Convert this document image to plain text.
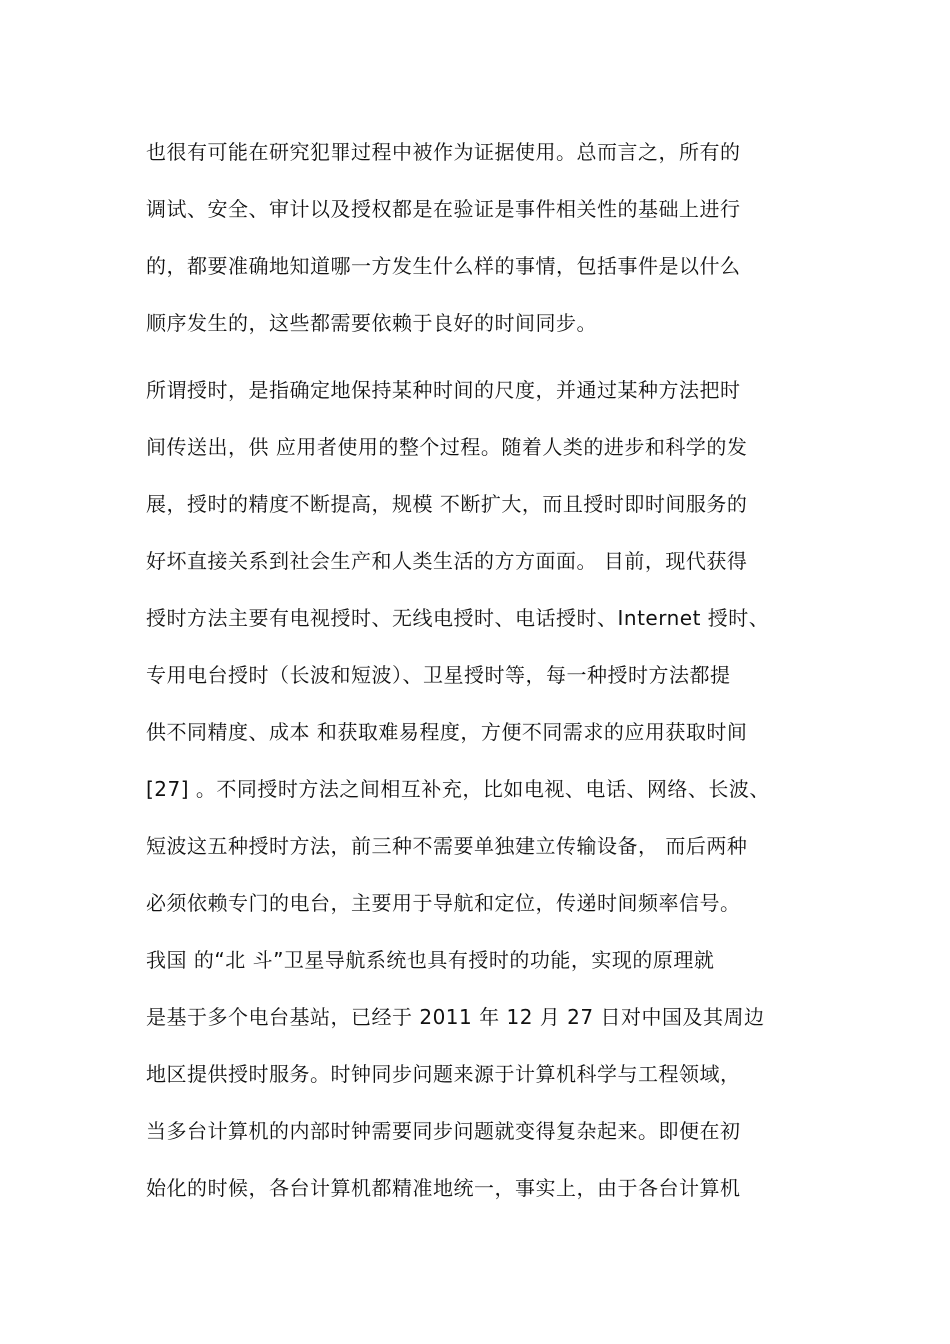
也很有可能在研究犯罪过程中被作为证据使用。总而言之，所有的
调试、安全、审计以及授权都是在验证是事件相关性的基础上进行
的，都要准确地知道哪一方发生什么样的事情，包括事件是以什么
顺序发生的，这些都需要依赖于良好的时间同步。
所谓授时，是指确定地保持某种时间的尺度，并通过某种方法把时
间传送出，供 应用者使用的整个过程。随着人类的进步和科学的发
展，授时的精度不断提高，规模 不断扩大，而且授时即时间服务的
好坏直接关系到社会生产和人类生活的方方面面。 目前，现代获得
授时方法主要有电视授时、无线电授时、电话授时、Internet 授时、
专用电台授时（长波和短波）、卫星授时等，每一种授时方法都提
供不同精度、成本 和获取难易程度，方便不同需求的应用获取时间
[27] 。不同授时方法之间相互补充，比如电视、电话、网络、长波、
短波这五种授时方法，前三种不需要单独建立传输设备， 而后两种
必须依赖专门的电台，主要用于导航和定位，传递时间频率信号。
我国 的“北 斗”卫星导航系统也具有授时的功能，实现的原理就
是基于多个电台基站，已经于 2011 年 12 月 27 日对中国及其周边
地区提供授时服务。时钟同步问题来源于计算机科学与工程领域，
当多台计算机的内部时钟需要同步问题就变得复杂起来。即便在初
始化的时候，各台计算机都精准地统一，事实上，由于各台计算机
